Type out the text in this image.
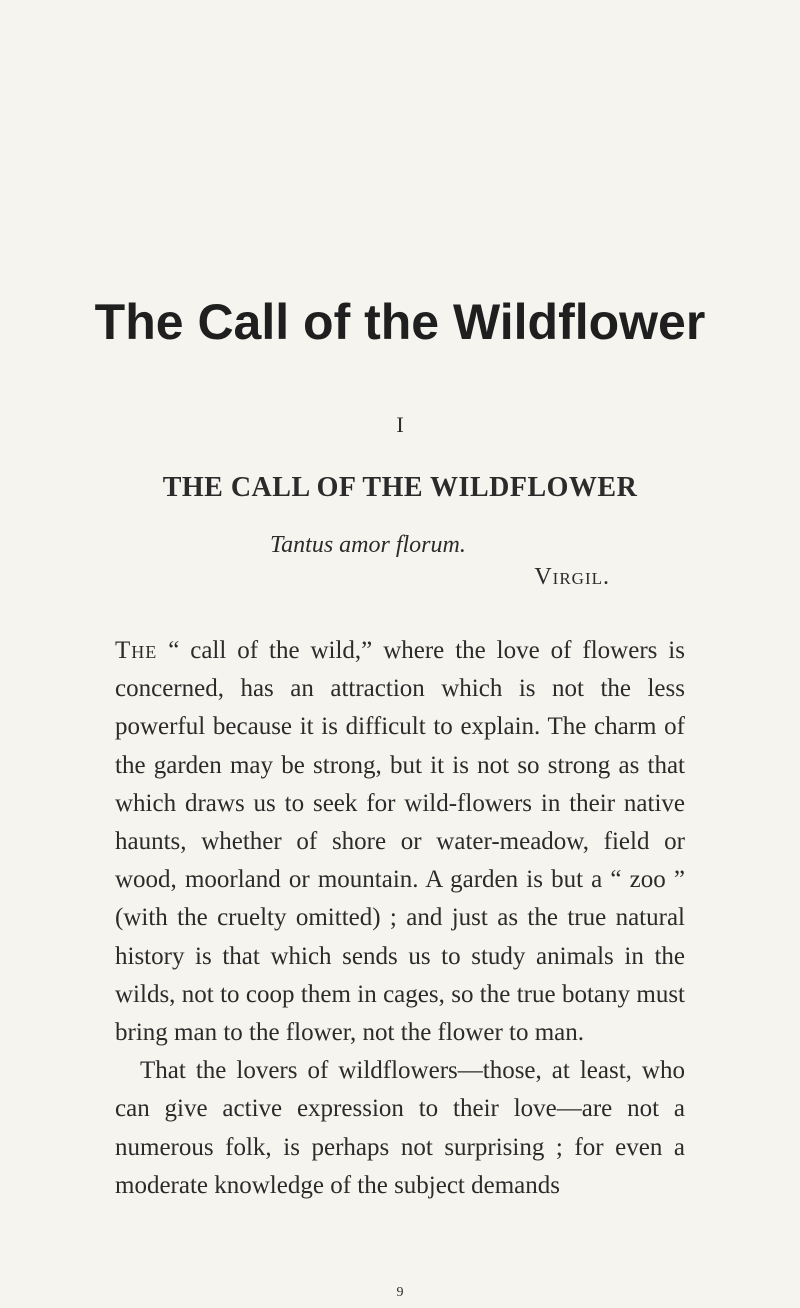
The Call of the Wildflower
I
THE CALL OF THE WILDFLOWER
Tantus amor florum.
Virgil.

The “ call of the wild,” where the love of flowers is concerned, has an attraction which is not the less powerful because it is difficult to explain. The charm of the garden may be strong, but it is not so strong as that which draws us to seek for wild-flowers in their native haunts, whether of shore or water-meadow, field or wood, moorland or mountain. A garden is but a “ zoo ” (with the cruelty omitted) ; and just as the true natural history is that which sends us to study animals in the wilds, not to coop them in cages, so the true botany must bring man to the flower, not the flower to man.

That the lovers of wildflowers—those, at least, who can give active expression to their love—are not a numerous folk, is perhaps not surprising ; for even a moderate knowledge of the subject demands

9
